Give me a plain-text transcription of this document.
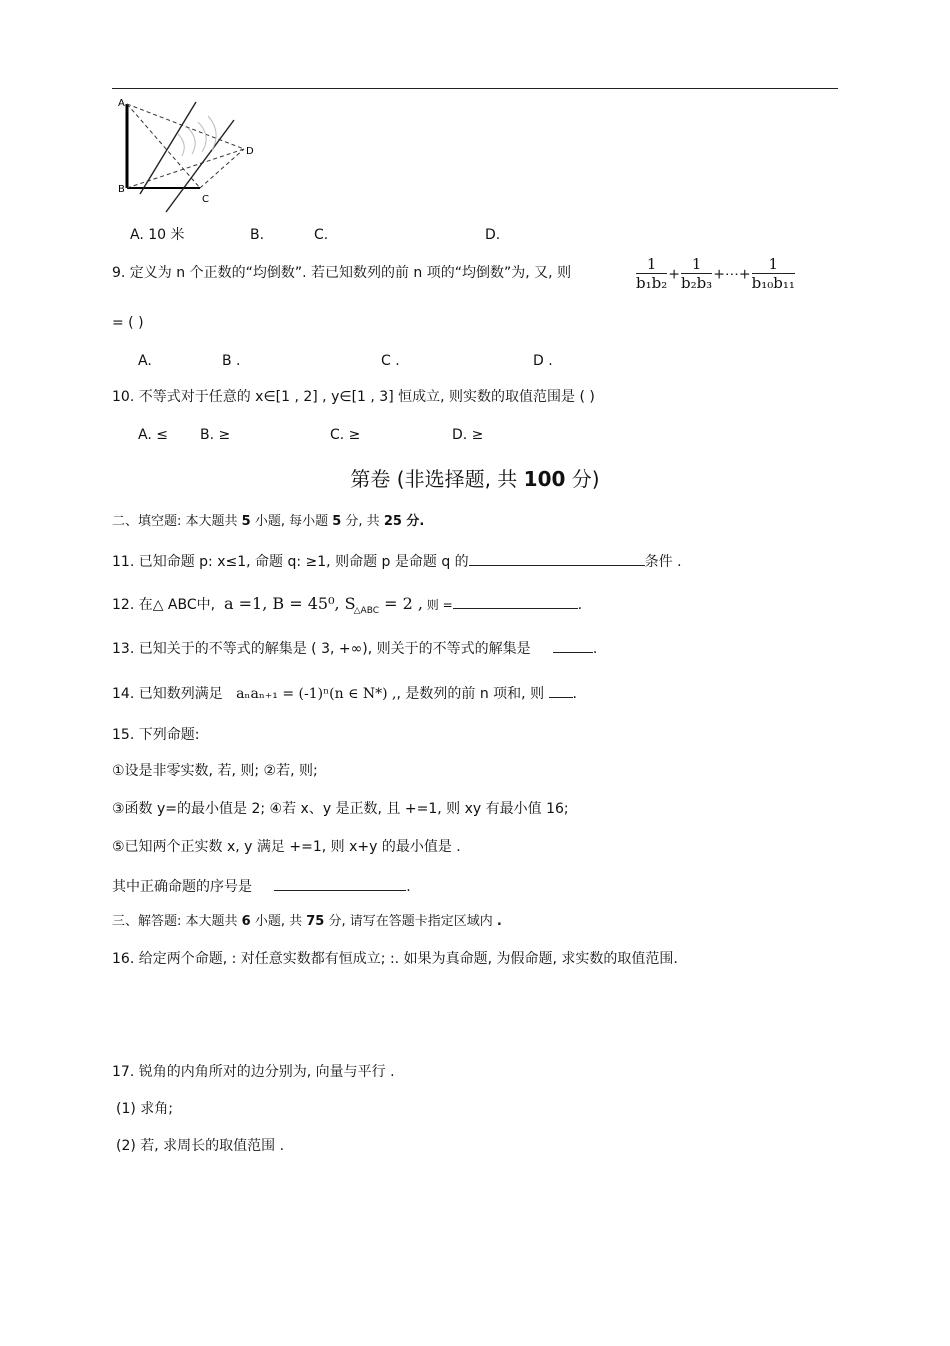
A
B
C
D
A. 10 米	B.	C.	D.
9. 定义为 n 个正数的“均倒数”. 若已知数列的前 n 项的“均倒数”为, 又, 则	$\frac{1}{\text{b₁b₂}} + \frac{1}{\text{b₂b₃}}$ +⋯+ $\frac{1}{\text{b₁₀b₁₁}}$
= ( )
A.	B .	C .	D .
10. 不等式对于任意的 x∈[1 , 2] , y∈[1 , 3] 恒成立, 则实数的取值范围是 ( )
A. ≤ B. ≥	C. ≥	D. ≥
第卷 (非选择题, 共 100 分)
二、填空题: 本大题共 5 小题, 每小题 5 分, 共 25 分.
11. 已知命题 p: x≤1, 命题 q: ≥1, 则命题 p 是命题 q 的	条件 .
12. 在△ ABC中, a =1, B = 45⁰, $S_{\triangle ABC} = 2$ , 则 =	.
13. 已知关于的不等式的解集是 ( 3, +∞), 则关于的不等式的解集是	.
14. 已知数列满足 aₙaₙ₊₁ = (-1)ⁿ(n ∈ N*) ,, 是数列的前 n 项和, 则 .
15. 下列命题:
①设是非零实数, 若, 则; ②若, 则;
③函数 y=的最小值是 2; ④若 x、y 是正数, 且 +=1, 则 xy 有最小值 16;
⑤已知两个正实数 x, y 满足 +=1, 则 x+y 的最小值是 .
其中正确命题的序号是	.
三、解答题: 本大题共 6 小题, 共 75 分, 请写在答题卡指定区域内 .
16. 给定两个命题, : 对任意实数都有恒成立; :. 如果为真命题, 为假命题, 求实数的取值范围.
17. 锐角的内角所对的边分别为, 向量与平行 .
(1) 求角;
(2) 若, 求周长的取值范围 .
